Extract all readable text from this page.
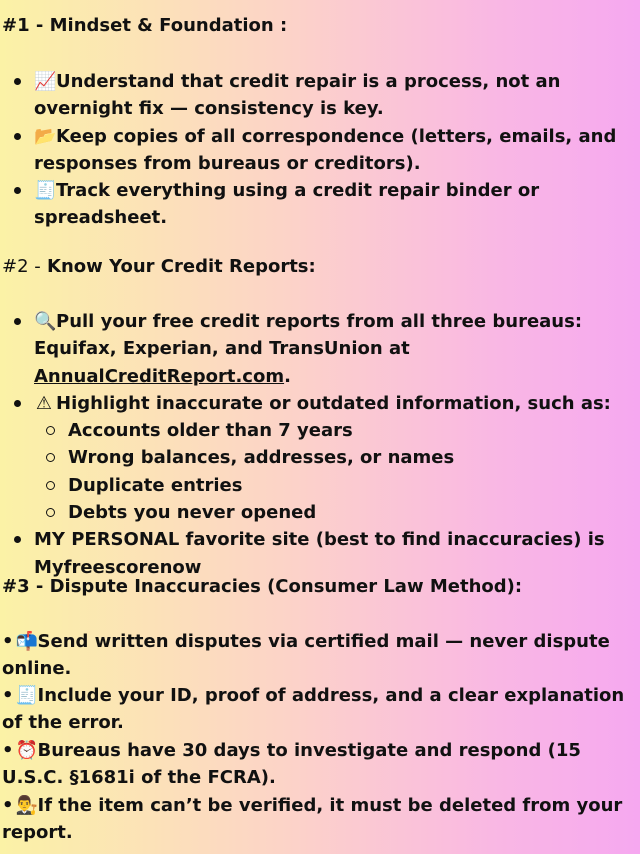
#1 - Mindset & Foundation :
📈Understand that credit repair is a process, not an overnight fix — consistency is key.
📂Keep copies of all correspondence (letters, emails, and responses from bureaus or creditors).
🧾Track everything using a credit repair binder or spreadsheet.
#2 - Know Your Credit Reports:
🔍Pull your free credit reports from all three bureaus: Equifax, Experian, and TransUnion at AnnualCreditReport.com.
⚠ Highlight inaccurate or outdated information, such as:
Accounts older than 7 years
Wrong balances, addresses, or names
Duplicate entries
Debts you never opened
MY PERSONAL favorite site (best to find inaccuracies) is Myfreescorenow
#3 - Dispute Inaccuracies (Consumer Law Method):
• 📬Send written disputes via certified mail — never dispute online.
• 🧾Include your ID, proof of address, and a clear explanation of the error.
• ⏰Bureaus have 30 days to investigate and respond (15 U.S.C. §1681i of the FCRA).
• 👨‍⚖️If the item can’t be verified, it must be deleted from your report.
